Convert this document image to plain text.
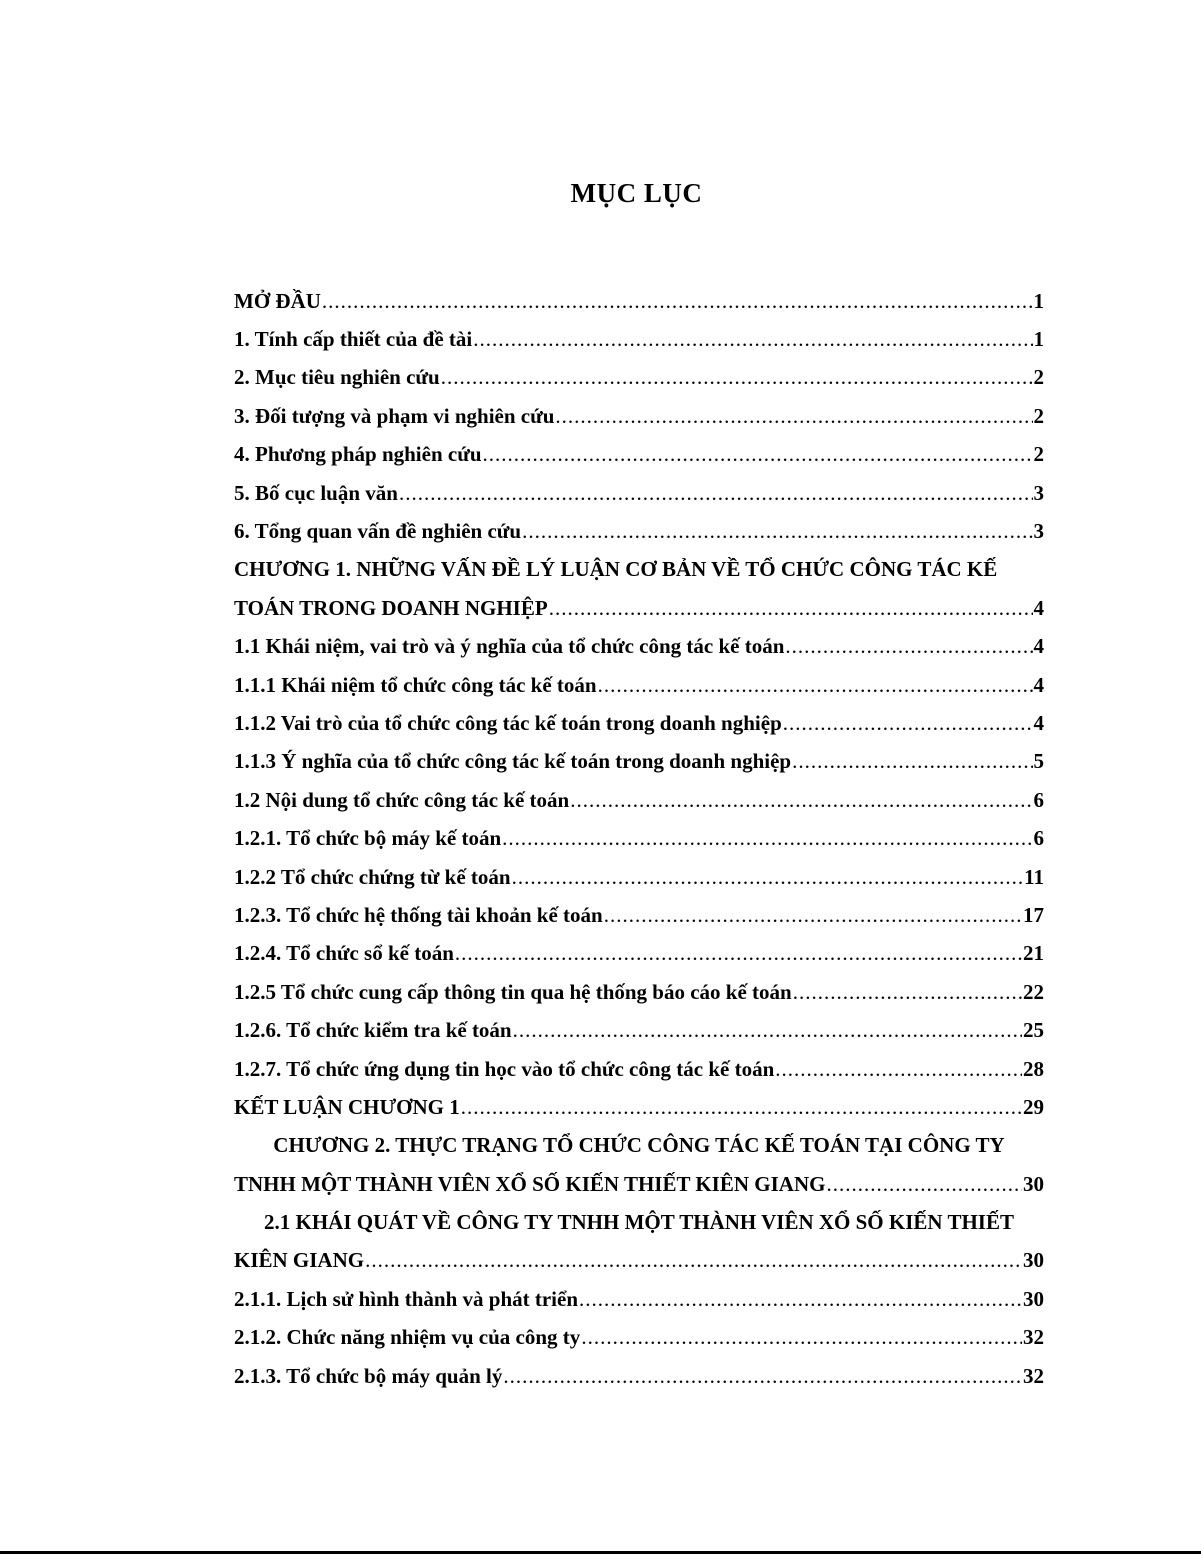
MỤC LỤC
MỞ ĐẦU .....	1
1. Tính cấp thiết của đề tài .....	1
2. Mục tiêu nghiên cứu .....	2
3. Đối tượng và phạm vi nghiên cứu .....	2
4. Phương pháp nghiên cứu .....	2
5. Bố cục luận văn .....	3
6. Tổng quan vấn đề nghiên cứu .....	3
CHƯƠNG 1. NHỮNG VẤN ĐỀ LÝ LUẬN CƠ BẢN VỀ TỔ CHỨC CÔNG TÁC KẾ
TOÁN TRONG DOANH NGHIỆP .....	4
1.1 Khái niệm, vai trò và ý nghĩa của tổ chức công tác kế toán .....	4
1.1.1 Khái niệm tổ chức công tác kế toán .....	4
1.1.2 Vai trò của tổ chức công tác kế toán trong doanh nghiệp .....	4
1.1.3 Ý nghĩa của tổ chức công tác kế toán trong doanh nghiệp .....	5
1.2 Nội dung tổ chức công tác kế toán .....	6
1.2.1. Tổ chức bộ máy kế toán .....	6
1.2.2 Tổ chức chứng từ kế toán .....	11
1.2.3. Tổ chức hệ thống tài khoản kế toán .....	17
1.2.4. Tổ chức sổ kế toán .....	21
1.2.5 Tổ chức cung cấp thông tin qua hệ thống báo cáo kế toán .....	22
1.2.6. Tổ chức kiểm tra kế toán .....	25
1.2.7. Tổ chức ứng dụng tin học vào tổ chức công tác kế toán .....	28
KẾT LUẬN CHƯƠNG 1 .....	29
CHƯƠNG 2. THỰC TRẠNG TỔ CHỨC CÔNG TÁC KẾ TOÁN TẠI CÔNG TY
TNHH MỘT THÀNH VIÊN XỔ SỐ KIẾN THIẾT KIÊN GIANG .....	30
2.1 KHÁI QUÁT VỀ CÔNG TY TNHH MỘT THÀNH VIÊN XỔ SỐ KIẾN THIẾT
KIÊN GIANG .....	30
2.1.1. Lịch sử hình thành và phát triển .....	30
2.1.2. Chức năng nhiệm vụ của công ty .....	32
2.1.3. Tổ chức bộ máy quản lý .....	32
